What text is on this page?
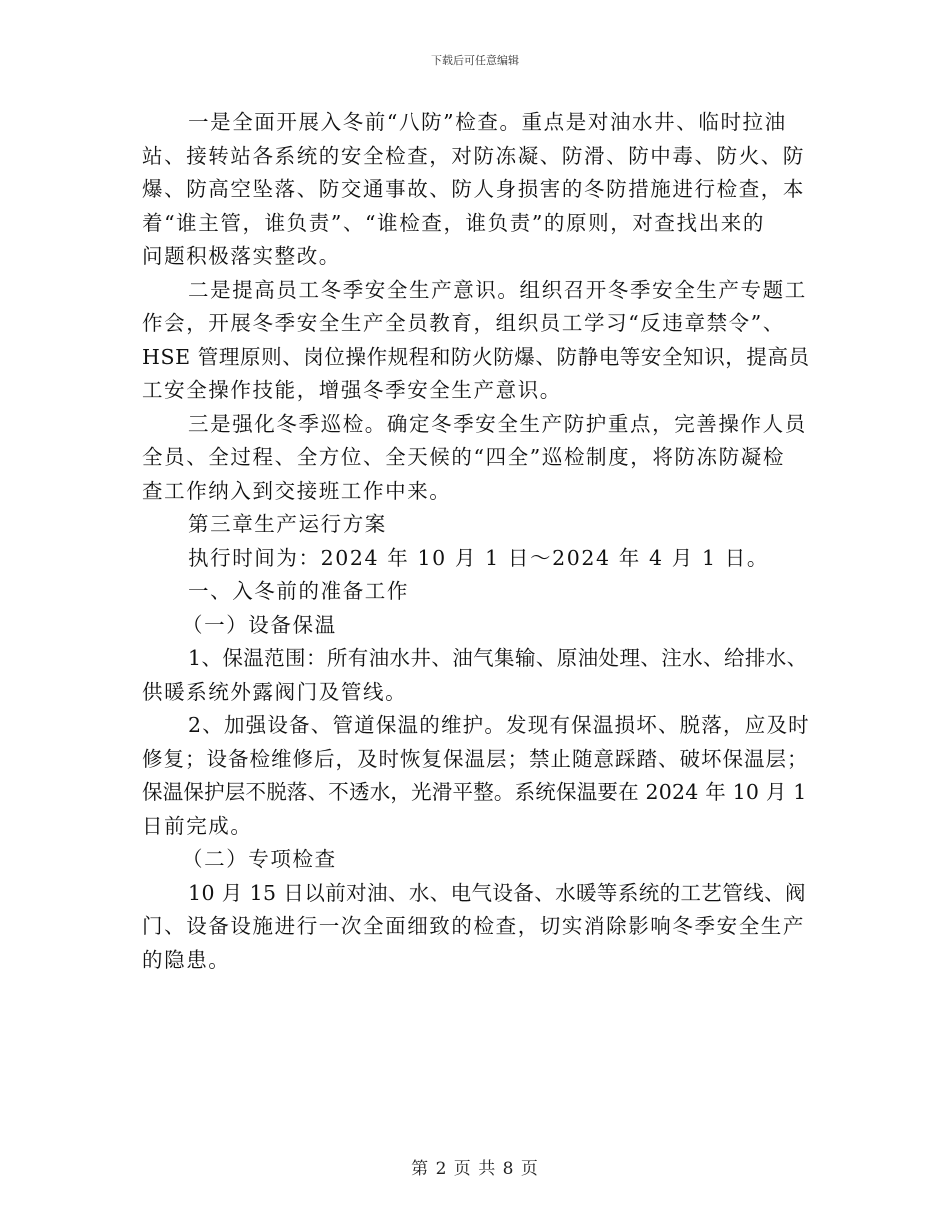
下载后可任意编辑
一是全面开展入冬前“八防”检查。重点是对油水井、临时拉油
站、接转站各系统的安全检查，对防冻凝、防滑、防中毒、防火、防
爆、防高空坠落、防交通事故、防人身损害的冬防措施进行检查，本
着“谁主管，谁负责”、“谁检查，谁负责”的原则，对查找出来的
问题积极落实整改。
二是提高员工冬季安全生产意识。组织召开冬季安全生产专题工
作会，开展冬季安全生产全员教育，组织员工学习“反违章禁令”、
HSE 管理原则、岗位操作规程和防火防爆、防静电等安全知识，提高员
工安全操作技能，增强冬季安全生产意识。
三是强化冬季巡检。确定冬季安全生产防护重点，完善操作人员
全员、全过程、全方位、全天候的“四全”巡检制度，将防冻防凝检
查工作纳入到交接班工作中来。
第三章生产运行方案
执行时间为：2024 年 10 月 1 日～2024 年 4 月 1 日。
一、入冬前的准备工作
（一）设备保温
1、保温范围：所有油水井、油气集输、原油处理、注水、给排水、
供暖系统外露阀门及管线。
2、加强设备、管道保温的维护。发现有保温损坏、脱落，应及时
修复；设备检维修后，及时恢复保温层；禁止随意踩踏、破坏保温层；
保温保护层不脱落、不透水，光滑平整。系统保温要在 2024 年 10 月 1
日前完成。
（二）专项检查
10 月 15 日以前对油、水、电气设备、水暖等系统的工艺管线、阀
门、设备设施进行一次全面细致的检查，切实消除影响冬季安全生产
的隐患。
第 2 页 共 8 页
